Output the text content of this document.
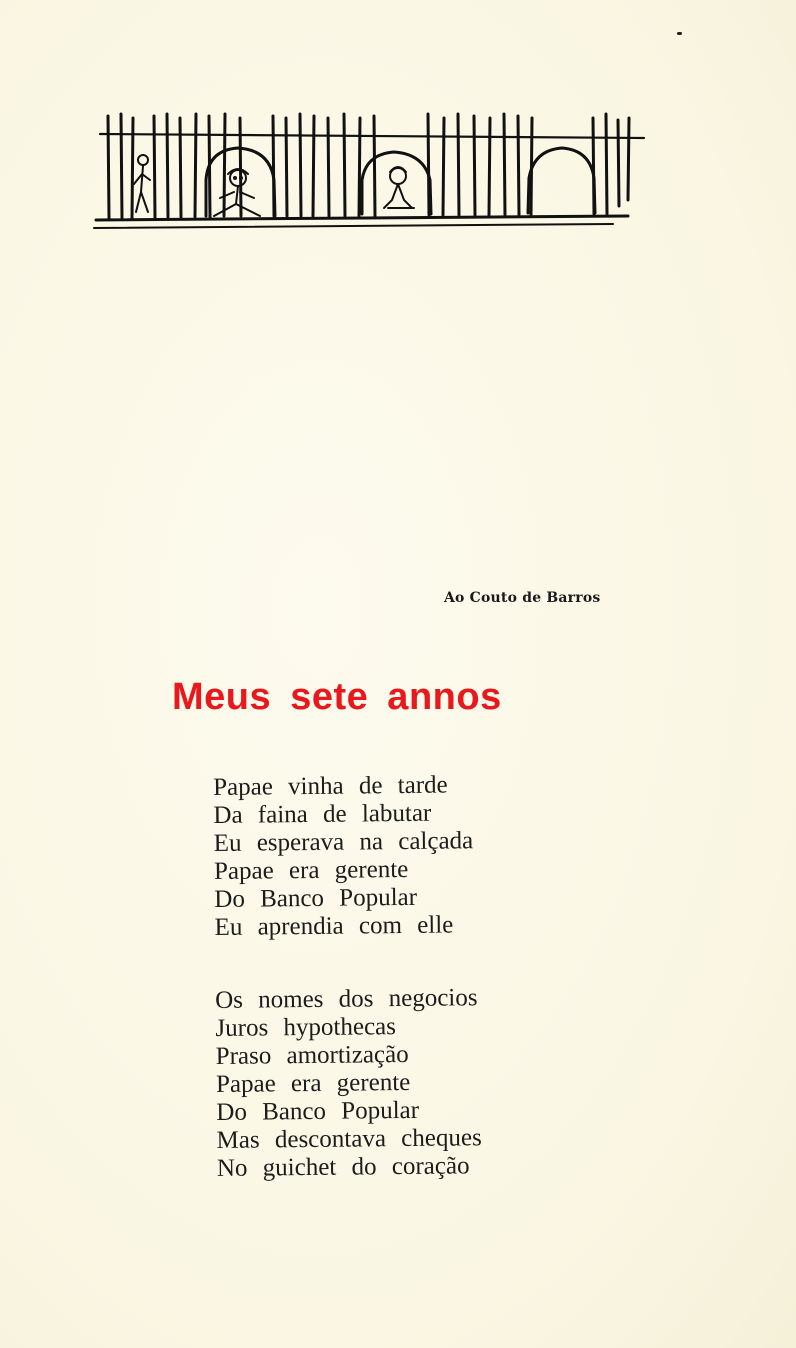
Ao Couto de Barros
Meus sete annos
Papae vinha de tarde
Da faina de labutar
Eu esperava na calçada
Papae era gerente
Do Banco Popular
Eu aprendia com elle
Os nomes dos negocios
Juros hypothecas
Praso amortização
Papae era gerente
Do Banco Popular
Mas descontava cheques
No guichet do coração
